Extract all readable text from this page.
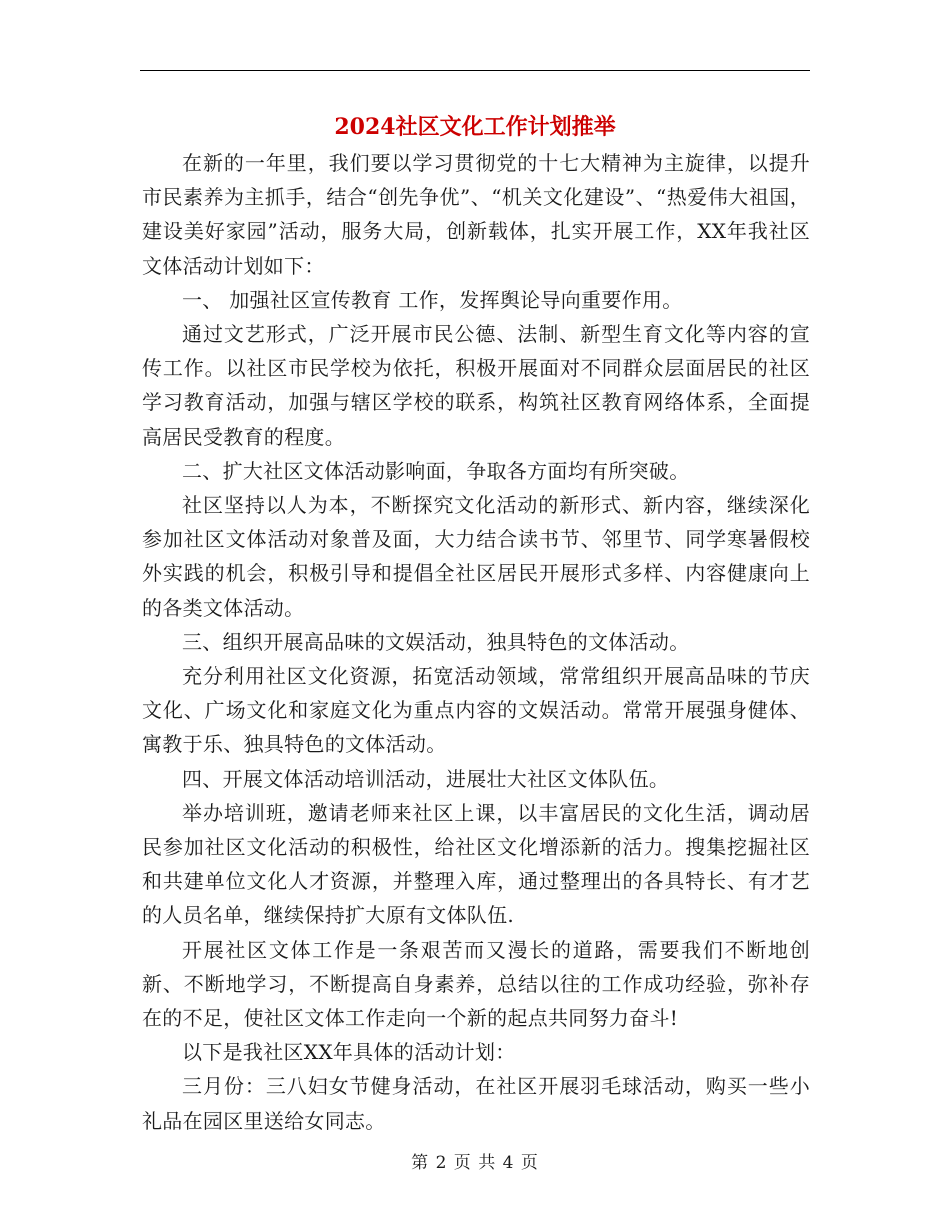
2024社区文化工作计划推举

在新的一年里，我们要以学习贯彻党的十七大精神为主旋律，以提升市民素养为主抓手，结合“创先争优”、“机关文化建设”、“热爱伟大祖国，建设美好家园”活动，服务大局，创新载体，扎实开展工作，XX年我社区文体活动计划如下：

一、 加强社区宣传教育 工作，发挥舆论导向重要作用。

通过文艺形式，广泛开展市民公德、法制、新型生育文化等内容的宣传工作。以社区市民学校为依托，积极开展面对不同群众层面居民的社区学习教育活动，加强与辖区学校的联系，构筑社区教育网络体系，全面提高居民受教育的程度。

二、扩大社区文体活动影响面，争取各方面均有所突破。

社区坚持以人为本，不断探究文化活动的新形式、新内容，继续深化参加社区文体活动对象普及面，大力结合读书节、邻里节、同学寒暑假校外实践的机会，积极引导和提倡全社区居民开展形式多样、内容健康向上的各类文体活动。

三、组织开展高品味的文娱活动，独具特色的文体活动。

充分利用社区文化资源，拓宽活动领域，常常组织开展高品味的节庆文化、广场文化和家庭文化为重点内容的文娱活动。常常开展强身健体、寓教于乐、独具特色的文体活动。

四、开展文体活动培训活动，进展壮大社区文体队伍。

举办培训班，邀请老师来社区上课，以丰富居民的文化生活，调动居民参加社区文化活动的积极性，给社区文化增添新的活力。搜集挖掘社区和共建单位文化人才资源，并整理入库，通过整理出的各具特长、有才艺的人员名单，继续保持扩大原有文体队伍.

开展社区文体工作是一条艰苦而又漫长的道路，需要我们不断地创新、不断地学习，不断提高自身素养，总结以往的工作成功经验，弥补存在的不足，使社区文体工作走向一个新的起点共同努力奋斗!

以下是我社区XX年具体的活动计划：

三月份：三八妇女节健身活动，在社区开展羽毛球活动，购买一些小礼品在园区里送给女同志。

第 2 页 共 4 页
